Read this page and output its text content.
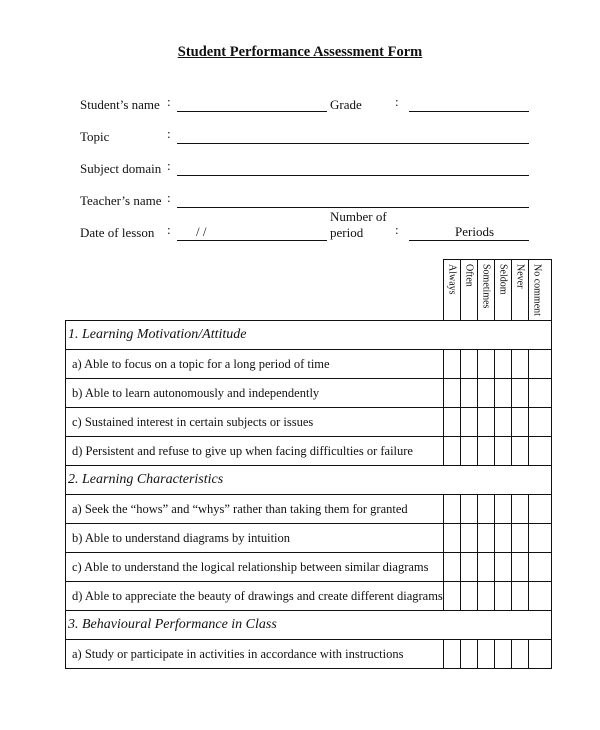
Student Performance Assessment Form
Student’s name :	Grade	:
Topic	:
Subject domain :
Teacher’s name :
Date of lesson : / /
Number of
period :	Periods

	Always	Often	Sometimes	Seldom	Never	No comment

1. Learning Motivation/Attitude						
a) Able to focus on a topic for a long period of time						
b) Able to learn autonomously and independently						
c) Sustained interest in certain subjects or issues						
d) Persistent and refuse to give up when facing difficulties or failure						
2. Learning Characteristics						
a) Seek the “hows” and “whys” rather than taking them for granted						
b) Able to understand diagrams by intuition						
c) Able to understand the logical relationship between similar diagrams						
d) Able to appreciate the beauty of drawings and create different diagrams						
3. Behavioural Performance in Class						
a) Study or participate in activities in accordance with instructions						
